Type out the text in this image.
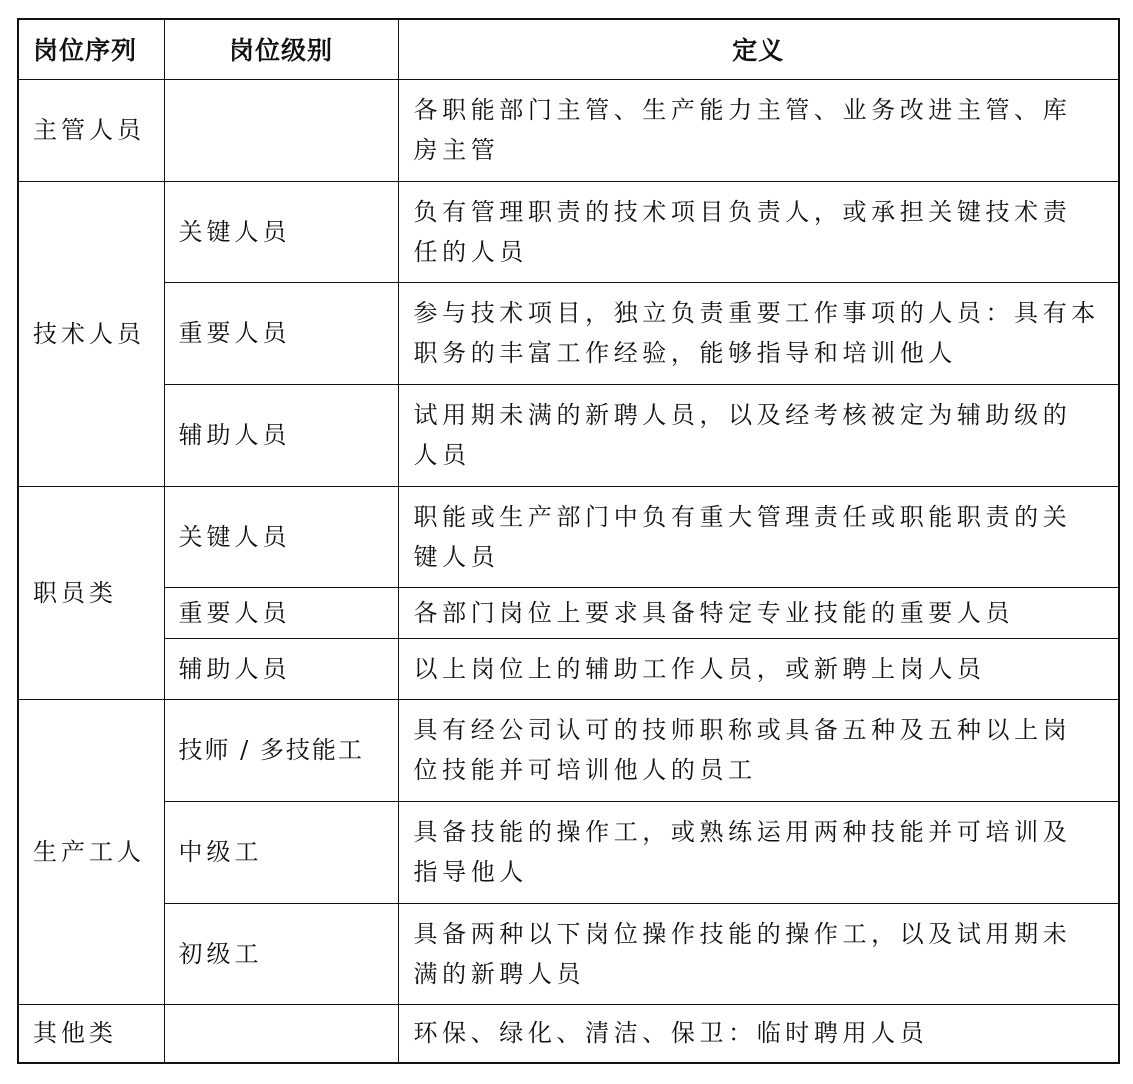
岗位序列	岗位级别	定义
主管人员		各职能部门主管、生产能力主管、业务改进主管、库
房主管

技术人员	关键人员	负有管理职责的技术项目负责人，或承担关键技术责
任的人员

	重要人员	参与技术项目，独立负责重要工作事项的人员：具有本
职务的丰富工作经验，能够指导和培训他人

	辅助人员	试用期未满的新聘人员，以及经考核被定为辅助级的
人员

职员类	关键人员	职能或生产部门中负有重大管理责任或职能职责的关
键人员

	重要人员	各部门岗位上要求具备特定专业技能的重要人员

	辅助人员	以上岗位上的辅助工作人员，或新聘上岗人员

生产工人	技师 / 多技能工	具有经公司认可的技师职称或具备五种及五种以上岗
位技能并可培训他人的员工

	中级工	具备技能的操作工，或熟练运用两种技能并可培训及
指导他人

	初级工	具备两种以下岗位操作技能的操作工，以及试用期未
满的新聘人员

其他类		环保、绿化、清洁、保卫：临时聘用人员
